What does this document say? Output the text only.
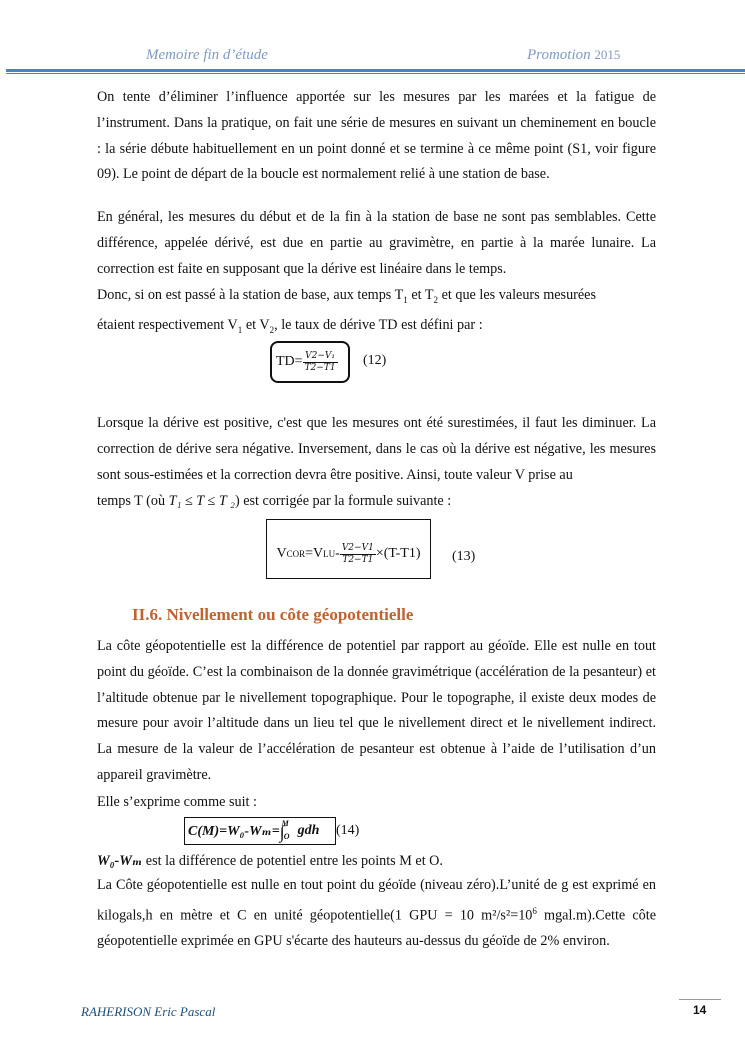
Memoire fin d’étude	Promotion 2015

On tente d’éliminer l’influence apportée sur les mesures par les marées et la fatigue de l’instrument. Dans la pratique, on fait une série de mesures en suivant un cheminement en boucle : la série débute habituellement en un point donné et se termine à ce même point (S1, voir figure 09). Le point de départ de la boucle est normalement relié à une station de base.

En général, les mesures du début et de la fin à la station de base ne sont pas semblables. Cette différence, appelée dérivé, est due en partie au gravimètre, en partie à la marée lunaire. La correction est faite en supposant que la dérive est linéaire dans le temps.

Donc, si on est passé à la station de base, aux temps $T_1$ et $T_2$ et que les valeurs mesurées
étaient respectivement $V_1$ et $V_2$, le taux de dérive TD est défini par :
$TD= \frac{\text{V2−V₁}}{T2-T1} (12)$

Lorsque la dérive est positive, c'est que les mesures ont été surestimées, il faut les diminuer. La correction de dérive sera négative. Inversement, dans le cas où la dérive est négative, les mesures sont sous-estimées et la correction devra être positive. Ainsi, toute valeur V prise au

temps T (où T₁ ≤ T ≤ T ₂) est corrigée par la formule suivante :
V COR =V LU - $\frac{V2-V1}{T2-T1} \times(T-T1)$ (13)
II.6. Nivellement ou côte géopotentielle

La côte géopotentielle est la différence de potentiel par rapport au géoïde. Elle est nulle en tout point du géoïde. C’est la combinaison de la donnée gravimétrique (accélération de la pesanteur) et l’altitude obtenue par le nivellement topographique. Pour le topographe, il existe deux modes de mesure pour avoir l’altitude dans un lieu tel que le nivellement direct et le nivellement indirect. La mesure de la valeur de l’accélération de pesanteur est obtenue à l’aide de l’utilisation d’un appareil gravimètre.

Elle s’exprime comme suit :
C(M)=W₀-Wₘ= ∫
M
O gdh (14)
W₀-Wₘ est la différence de potentiel entre les points M et O.

La Côte géopotentielle est nulle en tout point du géoïde (niveau zéro).L’unité de g est exprimé en kilogals,h en mètre et C en unité géopotentielle(1 GPU = 10 $m^2/s^2=10^6$ mgal.m).Cette côte géopotentielle exprimée en GPU s'écarte des hauteurs au-dessus du géoïde de 2% environ.

RAHERISON Eric Pascal	14
